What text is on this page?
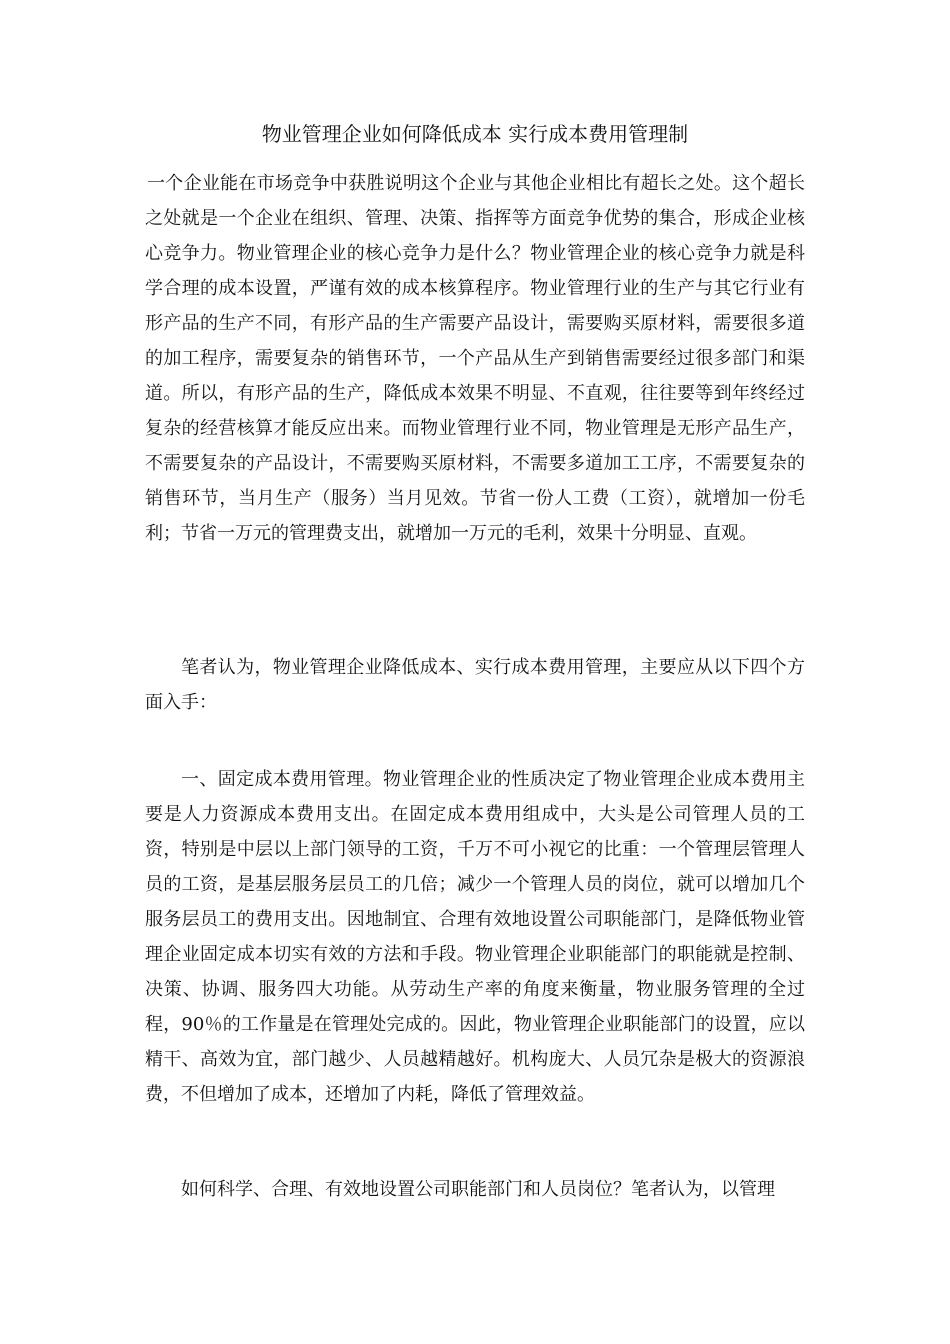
物业管理企业如何降低成本 实行成本费用管理制

一个企业能在市场竞争中获胜说明这个企业与其他企业相比有超长之处。这个超长之处就是一个企业在组织、管理、决策、指挥等方面竞争优势的集合，形成企业核心竞争力。物业管理企业的核心竞争力是什么？物业管理企业的核心竞争力就是科学合理的成本设置，严谨有效的成本核算程序。物业管理行业的生产与其它行业有形产品的生产不同，有形产品的生产需要产品设计，需要购买原材料，需要很多道的加工程序，需要复杂的销售环节，一个产品从生产到销售需要经过很多部门和渠道。所以，有形产品的生产，降低成本效果不明显、不直观，往往要等到年终经过复杂的经营核算才能反应出来。而物业管理行业不同，物业管理是无形产品生产，不需要复杂的产品设计，不需要购买原材料，不需要多道加工工序，不需要复杂的销售环节，当月生产（服务）当月见效。节省一份人工费（工资），就增加一份毛利；节省一万元的管理费支出，就增加一万元的毛利，效果十分明显、直观。

笔者认为，物业管理企业降低成本、实行成本费用管理，主要应从以下四个方面入手：

一、固定成本费用管理。物业管理企业的性质决定了物业管理企业成本费用主要是人力资源成本费用支出。在固定成本费用组成中，大头是公司管理人员的工资，特别是中层以上部门领导的工资，千万不可小视它的比重：一个管理层管理人员的工资，是基层服务层员工的几倍；减少一个管理人员的岗位，就可以增加几个服务层员工的费用支出。因地制宜、合理有效地设置公司职能部门，是降低物业管理企业固定成本切实有效的方法和手段。物业管理企业职能部门的职能就是控制、决策、协调、服务四大功能。从劳动生产率的角度来衡量，物业服务管理的全过程，90％的工作量是在管理处完成的。因此，物业管理企业职能部门的设置，应以精干、高效为宜，部门越少、人员越精越好。机构庞大、人员冗杂是极大的资源浪费，不但增加了成本，还增加了内耗，降低了管理效益。

如何科学、合理、有效地设置公司职能部门和人员岗位？笔者认为，以管理
